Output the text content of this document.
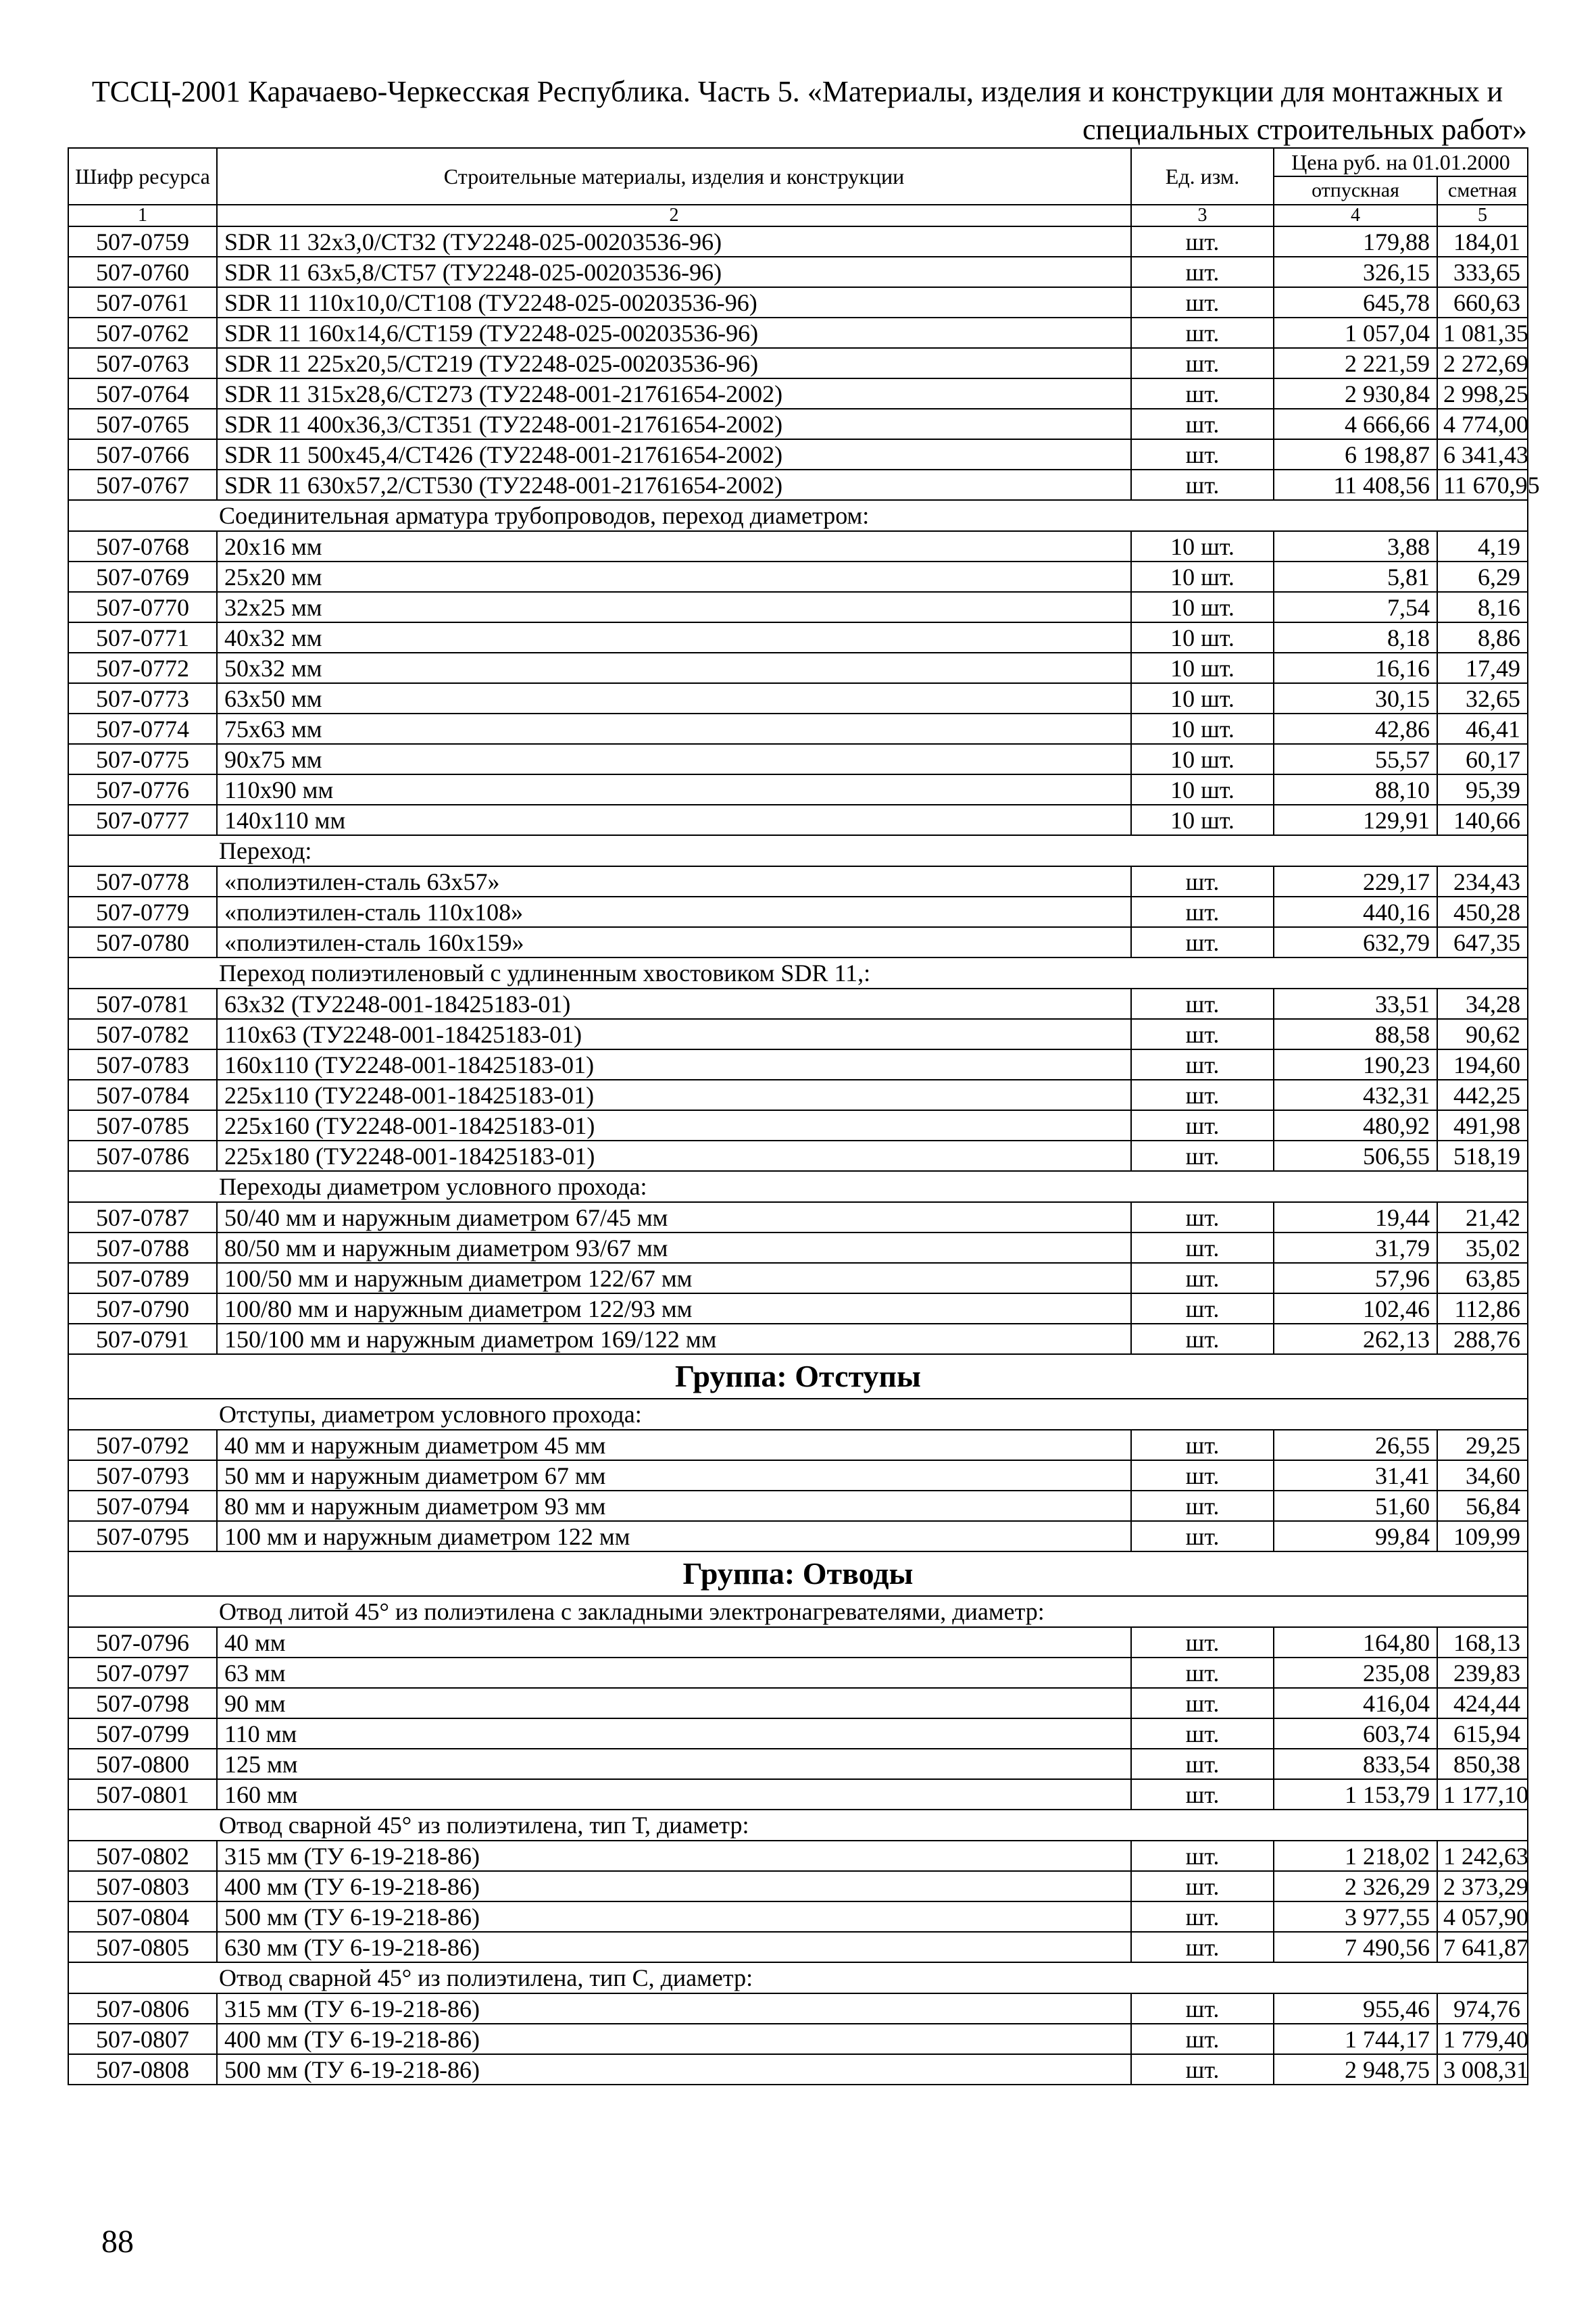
ТССЦ-2001 Карачаево-Черкесская Республика. Часть 5. «Материалы, изделия и конструкции для монтажных и
специальных строительных работ»
Шифр ресурса	Строительные материалы, изделия и конструкции	Ед. изм.	Цена руб. на 01.01.2000	
			отпускная	сметная
1	2	3	4	5
507-0759	SDR 11 32x3,0/СТ32 (ТУ2248-025-00203536-96)	шт.	179,88	184,01
507-0760	SDR 11 63x5,8/СТ57 (ТУ2248-025-00203536-96)	шт.	326,15	333,65
507-0761	SDR 11 110x10,0/СТ108 (ТУ2248-025-00203536-96)	шт.	645,78	660,63
507-0762	SDR 11 160x14,6/СТ159 (ТУ2248-025-00203536-96)	шт.	1 057,04	1 081,35
507-0763	SDR 11 225x20,5/СТ219 (ТУ2248-025-00203536-96)	шт.	2 221,59	2 272,69
507-0764	SDR 11 315x28,6/СТ273 (ТУ2248-001-21761654-2002)	шт.	2 930,84	2 998,25
507-0765	SDR 11 400x36,3/СТ351 (ТУ2248-001-21761654-2002)	шт.	4 666,66	4 774,00
507-0766	SDR 11 500x45,4/СТ426 (ТУ2248-001-21761654-2002)	шт.	6 198,87	6 341,43
507-0767	SDR 11 630x57,2/СТ530 (ТУ2248-001-21761654-2002)	шт.	11 408,56	11 670,95
Соединительная арматура трубопроводов, переход диаметром:				
507-0768	20x16 мм	10 шт.	3,88	4,19
507-0769	25x20 мм	10 шт.	5,81	6,29
507-0770	32x25 мм	10 шт.	7,54	8,16
507-0771	40x32 мм	10 шт.	8,18	8,86
507-0772	50x32 мм	10 шт.	16,16	17,49
507-0773	63x50 мм	10 шт.	30,15	32,65
507-0774	75x63 мм	10 шт.	42,86	46,41
507-0775	90x75 мм	10 шт.	55,57	60,17
507-0776	110x90 мм	10 шт.	88,10	95,39
507-0777	140x110 мм	10 шт.	129,91	140,66
Переход:				
507-0778	«полиэтилен-сталь 63x57»	шт.	229,17	234,43
507-0779	«полиэтилен-сталь 110x108»	шт.	440,16	450,28
507-0780	«полиэтилен-сталь 160x159»	шт.	632,79	647,35
Переход полиэтиленовый с удлиненным хвостовиком SDR 11,:				
507-0781	63x32 (ТУ2248-001-18425183-01)	шт.	33,51	34,28
507-0782	110x63 (ТУ2248-001-18425183-01)	шт.	88,58	90,62
507-0783	160x110 (ТУ2248-001-18425183-01)	шт.	190,23	194,60
507-0784	225x110 (ТУ2248-001-18425183-01)	шт.	432,31	442,25
507-0785	225x160 (ТУ2248-001-18425183-01)	шт.	480,92	491,98
507-0786	225x180 (ТУ2248-001-18425183-01)	шт.	506,55	518,19
Переходы диаметром условного прохода:				
507-0787	50/40 мм и наружным диаметром 67/45 мм	шт.	19,44	21,42
507-0788	80/50 мм и наружным диаметром 93/67 мм	шт.	31,79	35,02
507-0789	100/50 мм и наружным диаметром 122/67 мм	шт.	57,96	63,85
507-0790	100/80 мм и наружным диаметром 122/93 мм	шт.	102,46	112,86
507-0791	150/100 мм и наружным диаметром 169/122 мм	шт.	262,13	288,76
Группа: Отступы				
Отступы, диаметром условного прохода:				
507-0792	40 мм и наружным диаметром 45 мм	шт.	26,55	29,25
507-0793	50 мм и наружным диаметром 67 мм	шт.	31,41	34,60
507-0794	80 мм и наружным диаметром 93 мм	шт.	51,60	56,84
507-0795	100 мм и наружным диаметром 122 мм	шт.	99,84	109,99
Группа: Отводы				
Отвод литой 45° из полиэтилена с закладными электронагревателями, диаметр:				
507-0796	40 мм	шт.	164,80	168,13
507-0797	63 мм	шт.	235,08	239,83
507-0798	90 мм	шт.	416,04	424,44
507-0799	110 мм	шт.	603,74	615,94
507-0800	125 мм	шт.	833,54	850,38
507-0801	160 мм	шт.	1 153,79	1 177,10
Отвод сварной 45° из полиэтилена, тип Т, диаметр:				
507-0802	315 мм (ТУ 6-19-218-86)	шт.	1 218,02	1 242,63
507-0803	400 мм (ТУ 6-19-218-86)	шт.	2 326,29	2 373,29
507-0804	500 мм (ТУ 6-19-218-86)	шт.	3 977,55	4 057,90
507-0805	630 мм (ТУ 6-19-218-86)	шт.	7 490,56	7 641,87
Отвод сварной 45° из полиэтилена, тип С, диаметр:				
507-0806	315 мм (ТУ 6-19-218-86)	шт.	955,46	974,76
507-0807	400 мм (ТУ 6-19-218-86)	шт.	1 744,17	1 779,40
507-0808	500 мм (ТУ 6-19-218-86)	шт.	2 948,75	3 008,31
88
